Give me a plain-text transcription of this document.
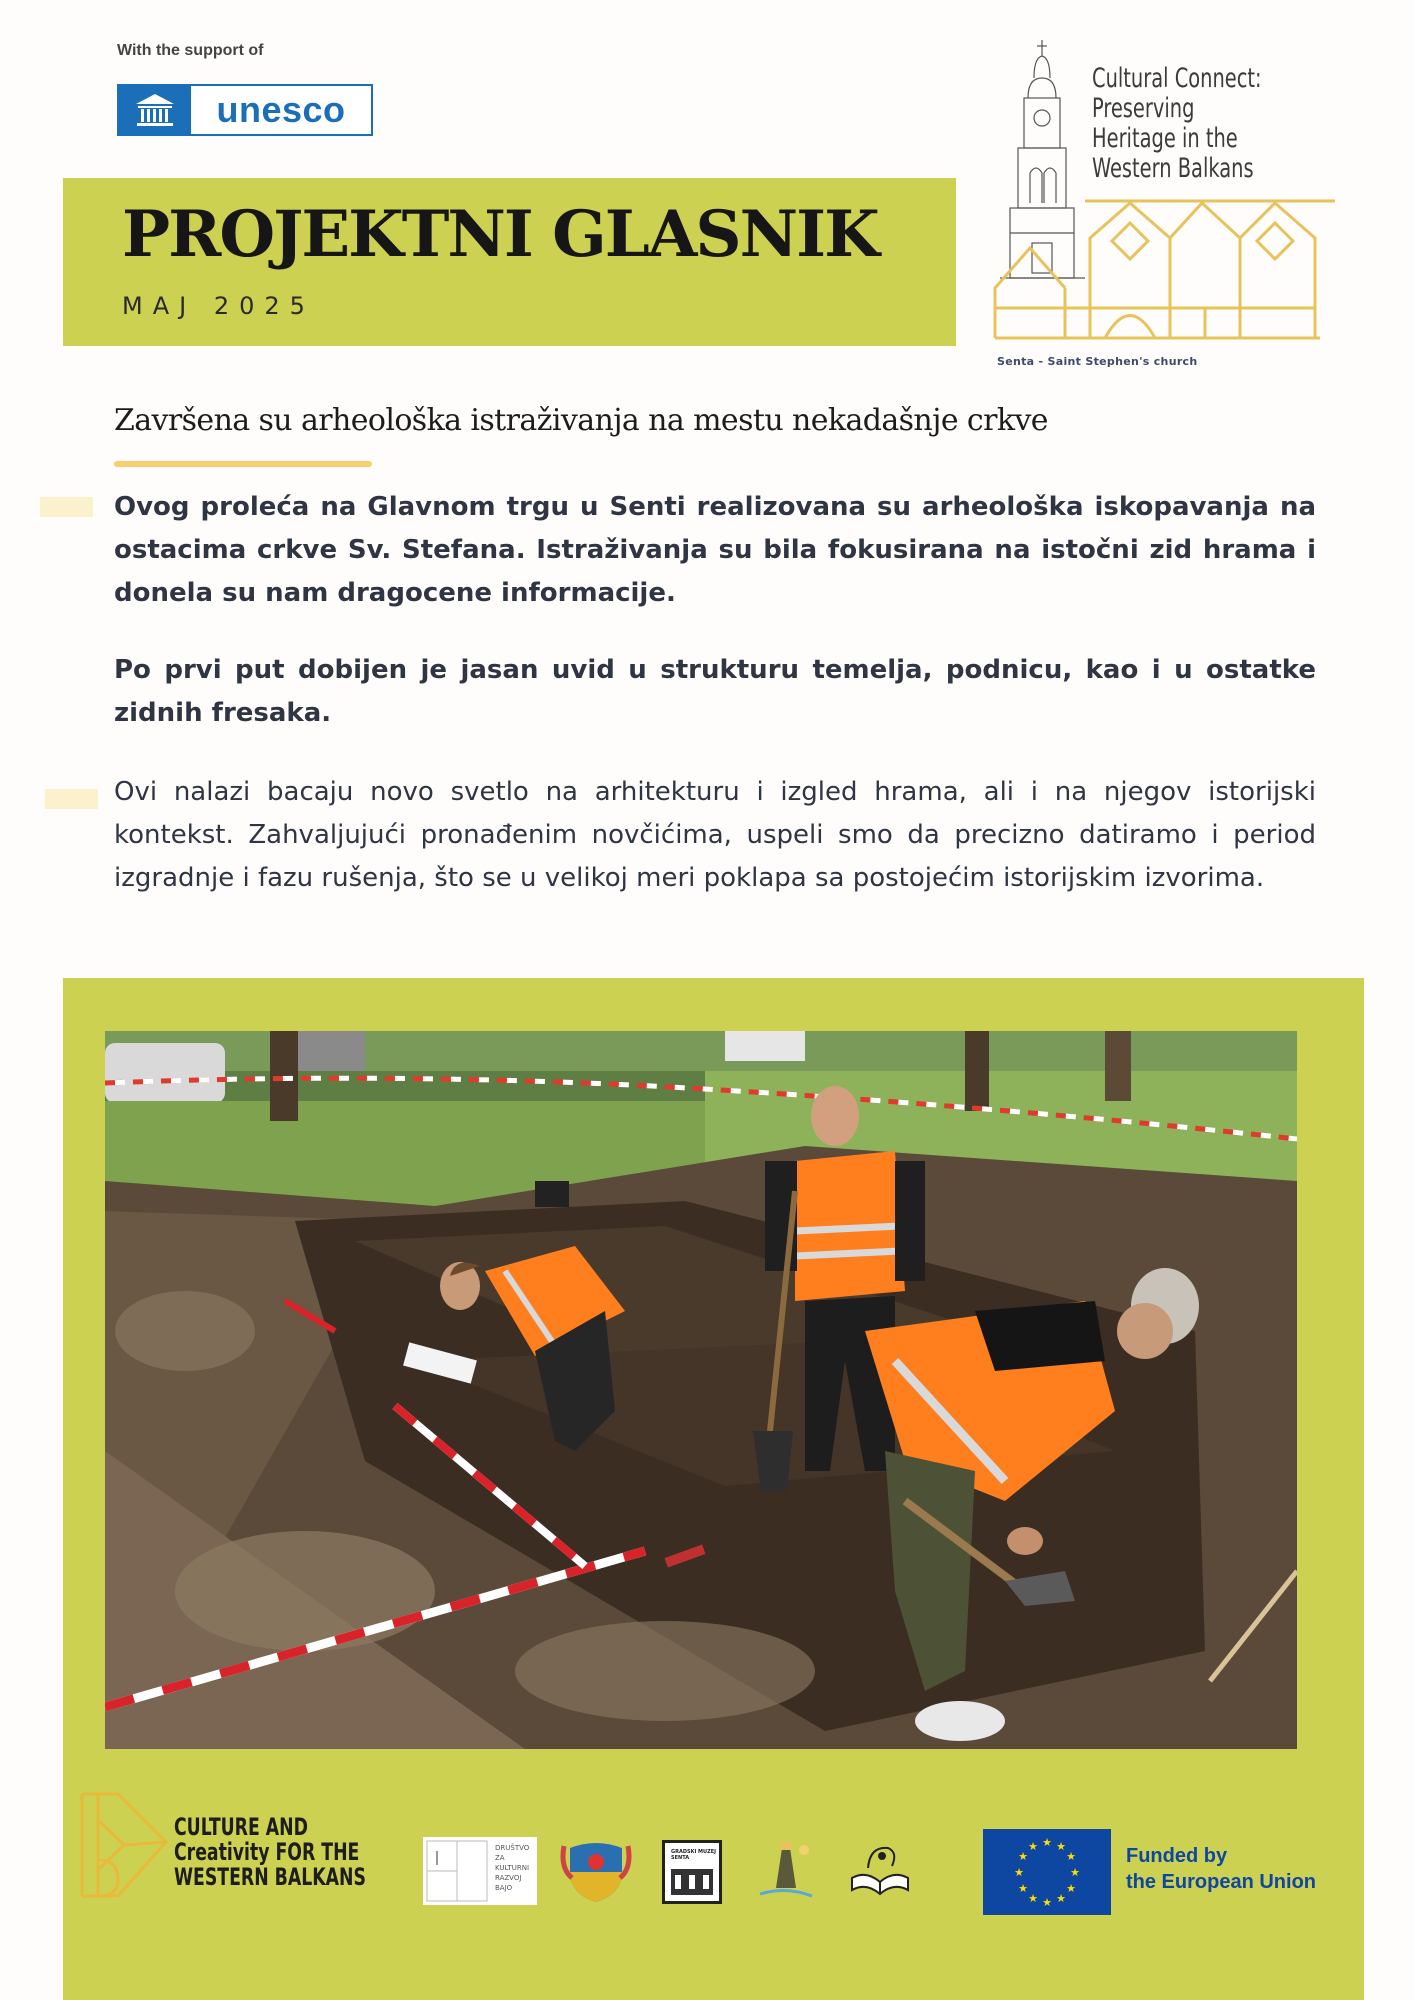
With the support of
unesco
PROJEKTNI GLASNIK
MAJ 2025
Cultural Connect:
Preserving
Heritage in the
Western Balkans
Senta - Saint Stephen's church
Završena su arheološka istraživanja na mestu nekadašnje crkve
Ovog proleća na Glavnom trgu u Senti realizovana su arheološka iskopavanja na ostacima crkve Sv. Stefana. Istraživanja su bila fokusirana na istočni zid hrama i donela su nam dragocene informacije.
Po prvi put dobijen je jasan uvid u strukturu temelja, podnicu, kao i u ostatke zidnih fresaka.
Ovi nalazi bacaju novo svetlo na arhitekturu i izgled hrama, ali i na njegov istorijski kontekst. Zahvaljujući pronađenim novčićima, uspeli smo da precizno datiramo i period izgradnje i fazu rušenja, što se u velikoj meri poklapa sa postojećim istorijskim izvorima.
CULTURE AND
Creativity FOR THE
WESTERN BALKANS
DRUŠTVO
ZA
KULTURNI
RAZVOJ
BAJO
GRADSKI MUZEJ SENTA
★ ★
★
★
★
★
★
★
★
★
★
★	Funded by
the European Union
